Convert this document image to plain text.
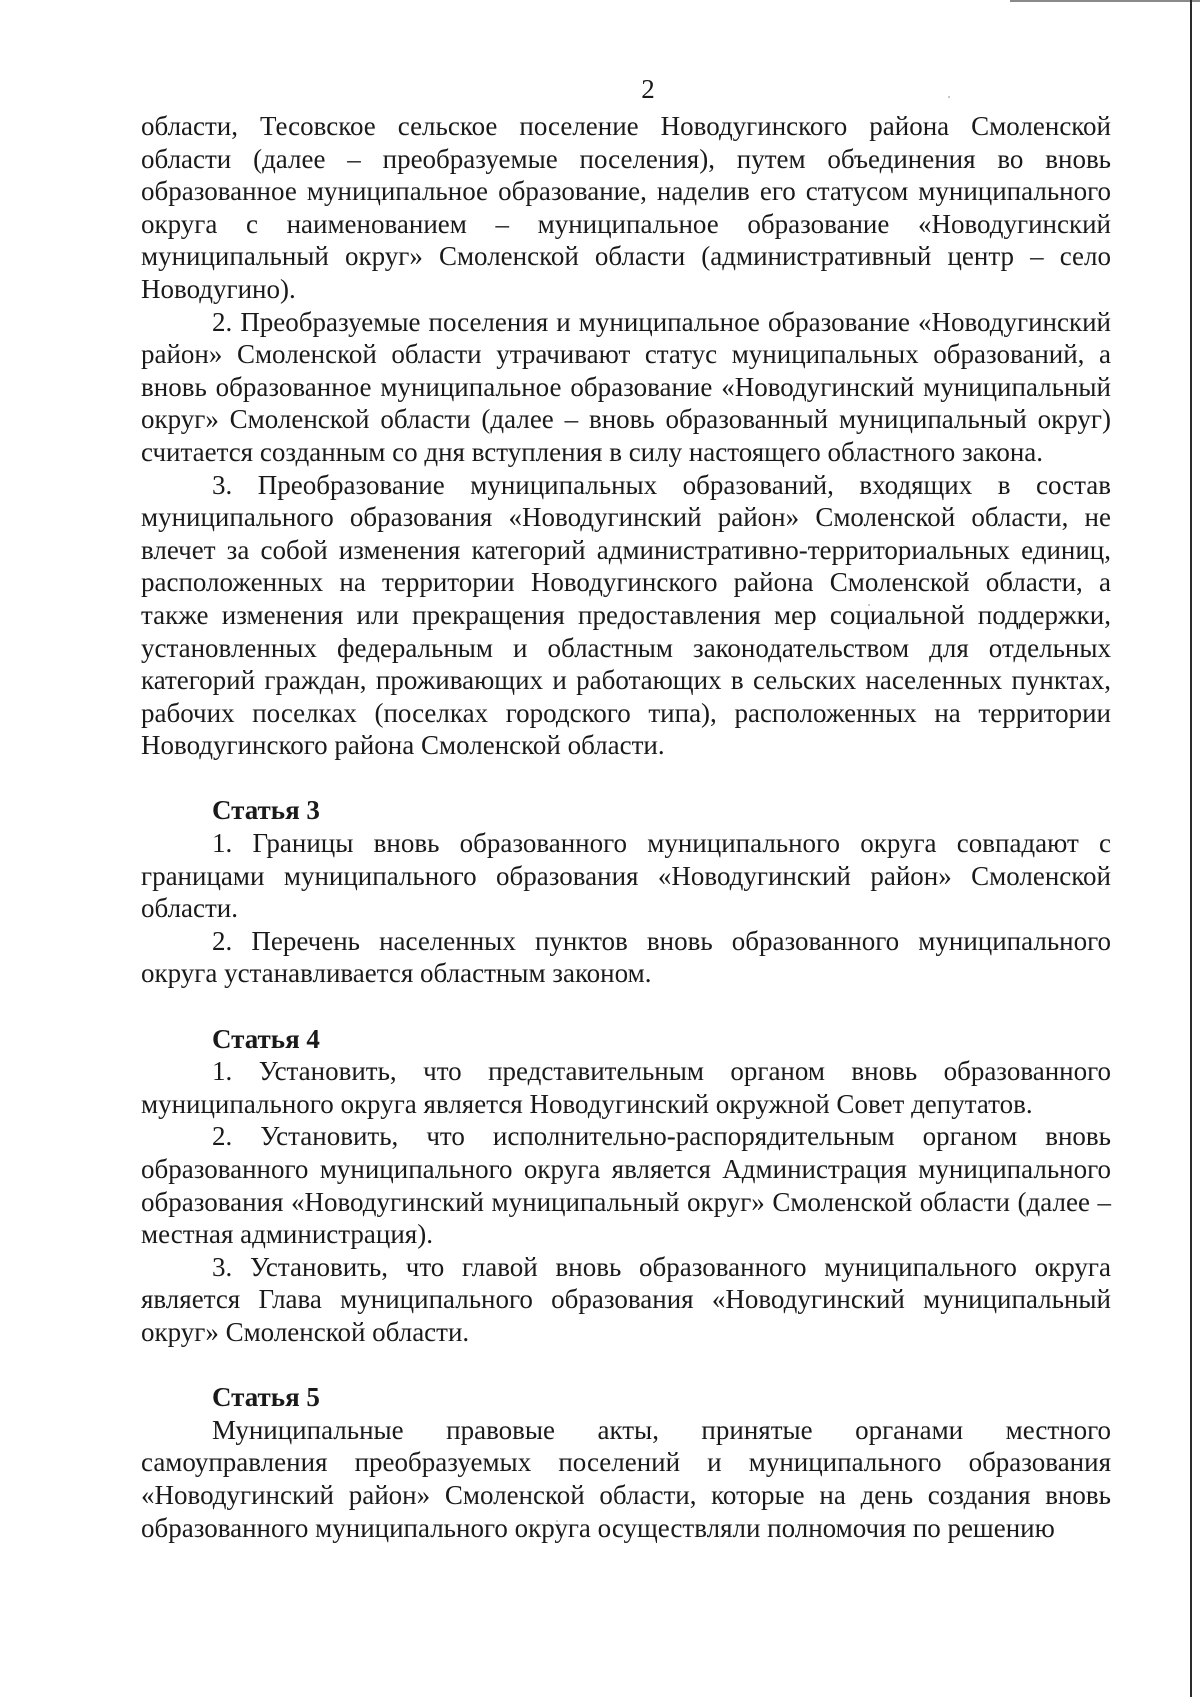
2

области, Тесовское сельское поселение Новодугинского района Смоленской области (далее – преобразуемые поселения), путем объединения во вновь образованное муниципальное образование, наделив его статусом муниципального округа с наименованием – муниципальное образование «Новодугинский муниципальный округ» Смоленской области (административный центр – село Новодугино).

2. Преобразуемые поселения и муниципальное образование «Новодугинский район» Смоленской области утрачивают статус муниципальных образований, а вновь образованное муниципальное образование «Новодугинский муниципальный округ» Смоленской области (далее – вновь образованный муниципальный округ) считается созданным со дня вступления в силу настоящего областного закона.

3. Преобразование муниципальных образований, входящих в состав муниципального образования «Новодугинский район» Смоленской области, не влечет за собой изменения категорий административно-территориальных единиц, расположенных на территории Новодугинского района Смоленской области, а также изменения или прекращения предоставления мер социальной поддержки, установленных федеральным и областным законодательством для отдельных категорий граждан, проживающих и работающих в сельских населенных пунктах, рабочих поселках (поселках городского типа), расположенных на территории Новодугинского района Смоленской области.

Статья 3

1. Границы вновь образованного муниципального округа совпадают с границами муниципального образования «Новодугинский район» Смоленской области.

2. Перечень населенных пунктов вновь образованного муниципального округа устанавливается областным законом.

Статья 4

1. Установить, что представительным органом вновь образованного муниципального округа является Новодугинский окружной Совет депутатов.

2. Установить, что исполнительно-распорядительным органом вновь образованного муниципального округа является Администрация муниципального образования «Новодугинский муниципальный округ» Смоленской области (далее – местная администрация).

3. Установить, что главой вновь образованного муниципального округа является Глава муниципального образования «Новодугинский муниципальный округ» Смоленской области.

Статья 5

Муниципальные правовые акты, принятые органами местного самоуправления преобразуемых поселений и муниципального образования «Новодугинский район» Смоленской области, которые на день создания вновь образованного муниципального округа осуществляли полномочия по решению
